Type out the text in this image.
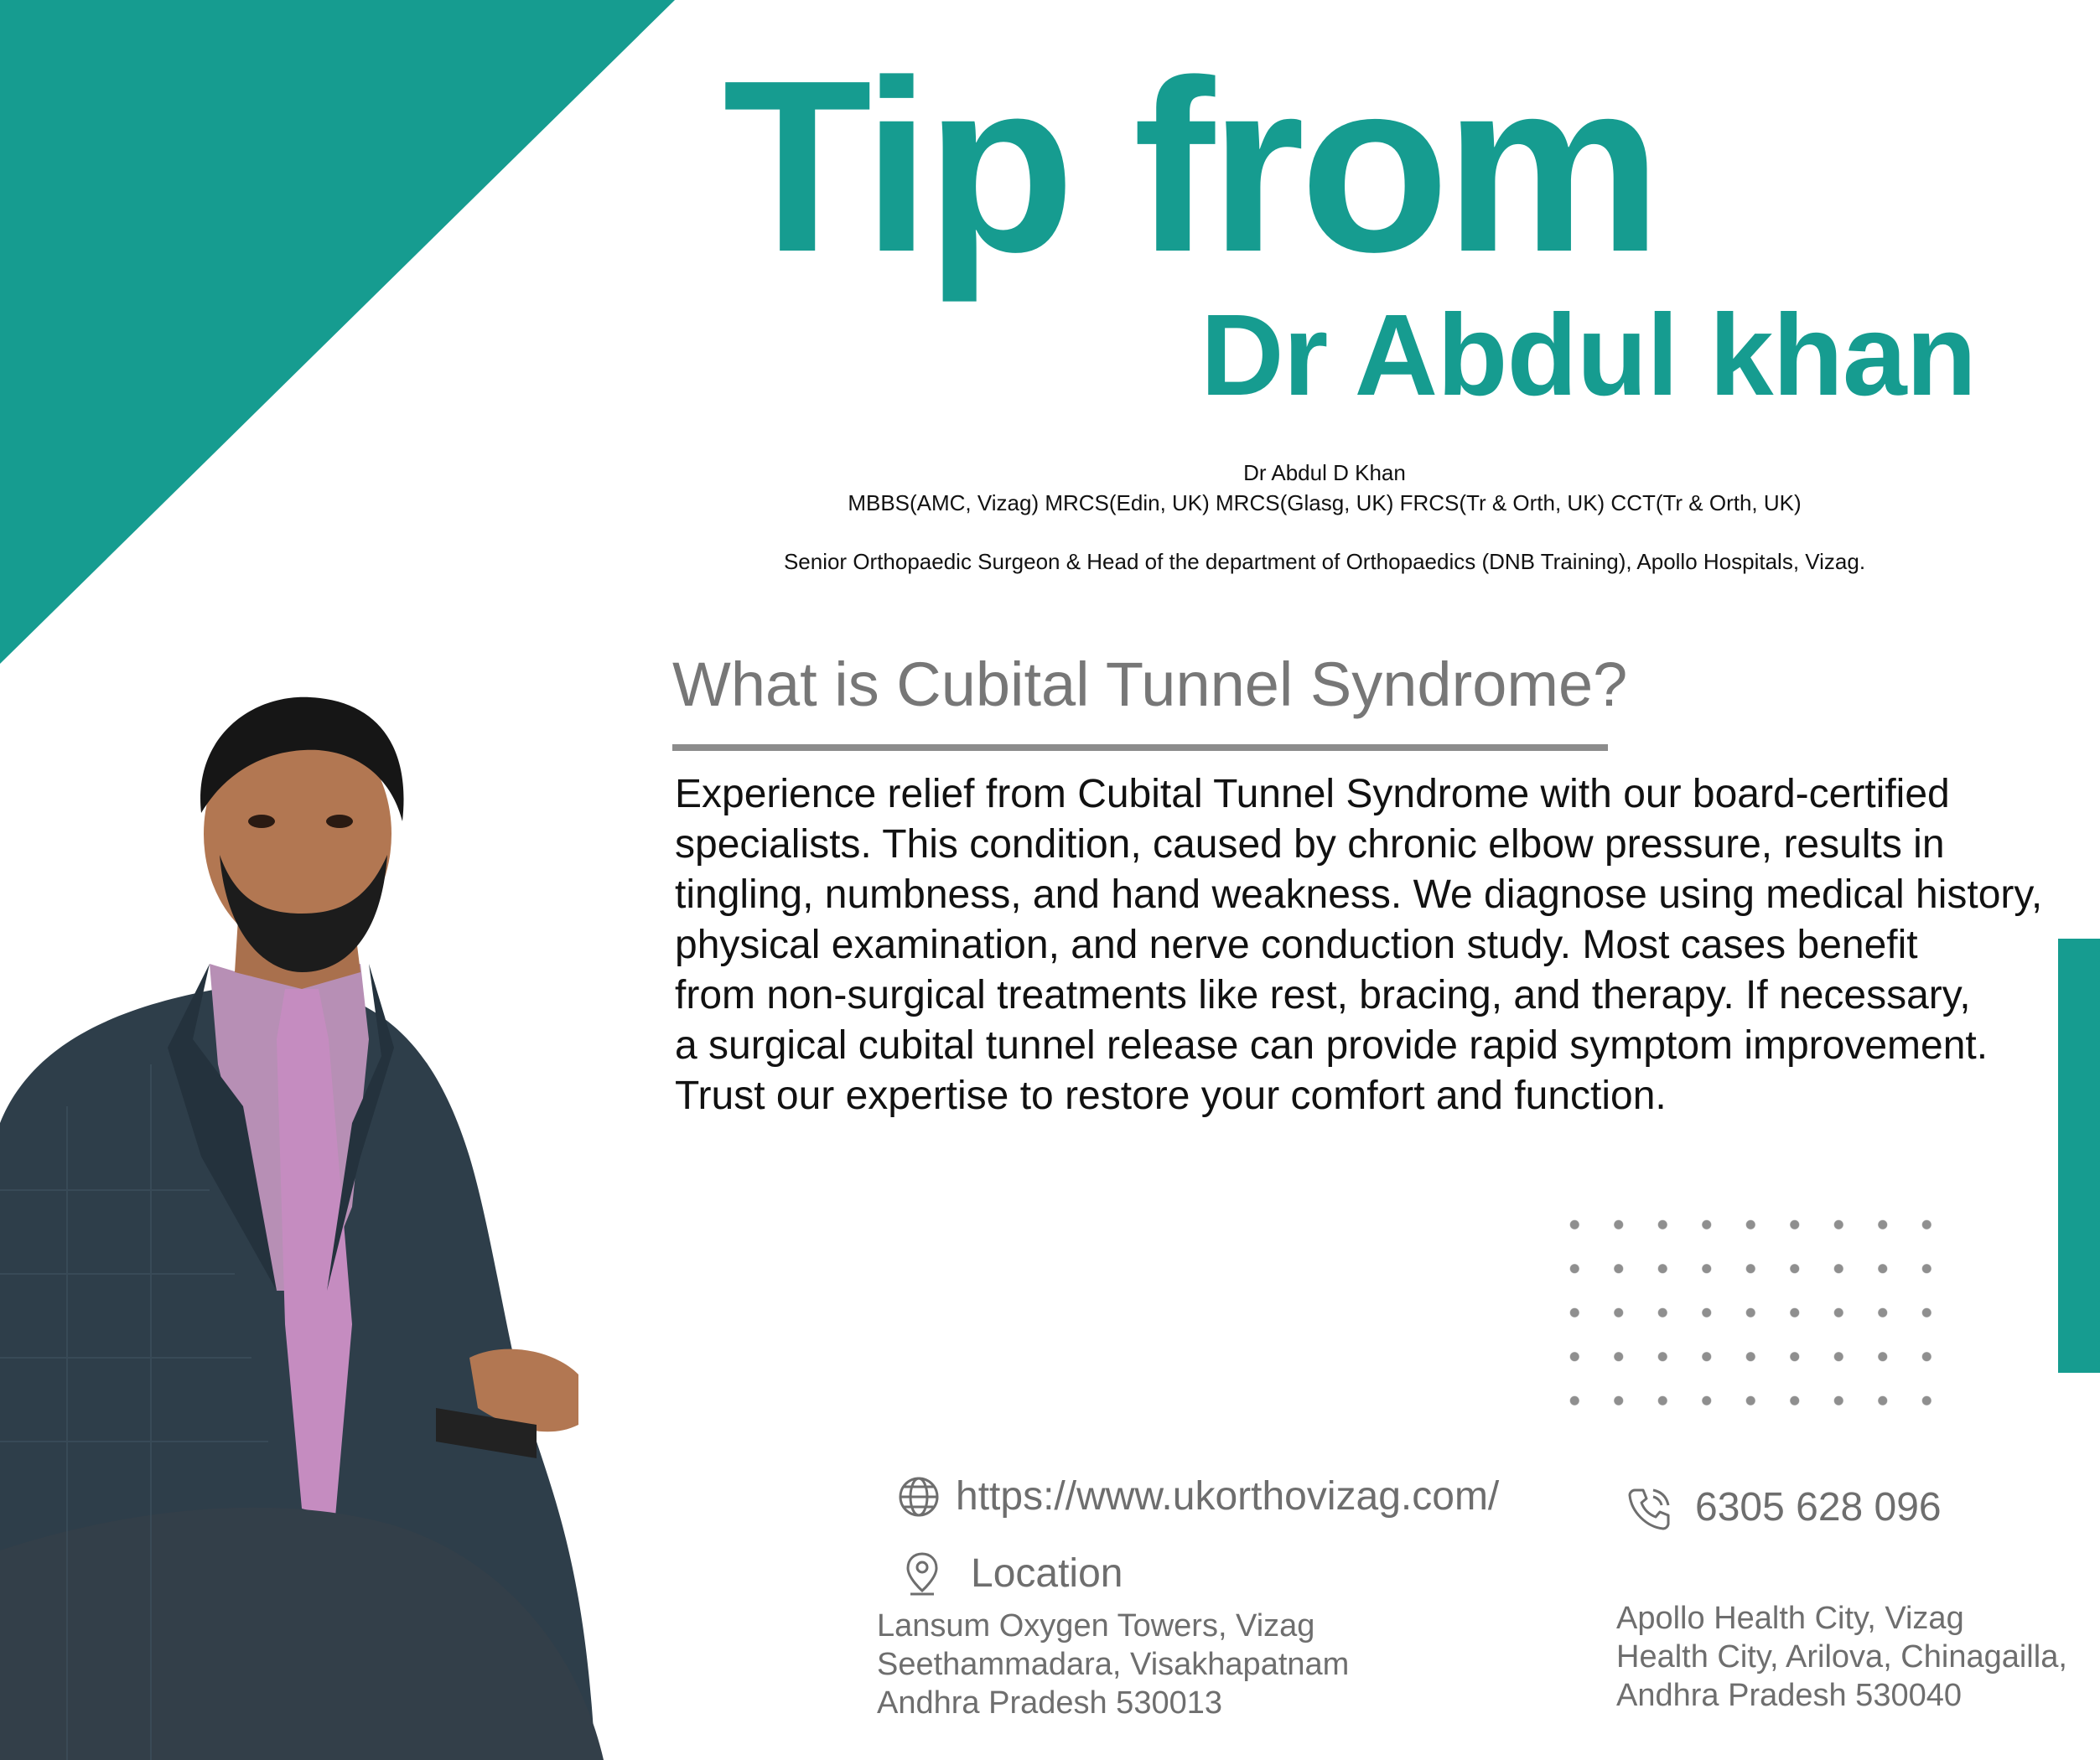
Tip from
Dr Abdul khan
Dr Abdul D Khan
MBBS(AMC, Vizag) MRCS(Edin, UK) MRCS(Glasg, UK) FRCS(Tr & Orth, UK) CCT(Tr & Orth, UK)
Senior Orthopaedic Surgeon & Head of the department of Orthopaedics (DNB Training), Apollo Hospitals, Vizag.
What is Cubital Tunnel Syndrome?
Experience relief from Cubital Tunnel Syndrome with our board-certified
specialists. This condition, caused by chronic elbow pressure, results in
tingling, numbness, and hand weakness. We diagnose using medical history,
physical examination, and nerve conduction study. Most cases benefit
from non-surgical treatments like rest, bracing, and therapy. If necessary,
a surgical cubital tunnel release can provide rapid symptom improvement.
Trust our expertise to restore your comfort and function.
https://www.ukorthovizag.com/	6305 628 096
Location
Lansum Oxygen Towers, Vizag
Seethammadara, Visakhapatnam
Andhra Pradesh 530013
Apollo Health City, Vizag
Health City, Arilova, Chinagailla,
Andhra Pradesh 530040
